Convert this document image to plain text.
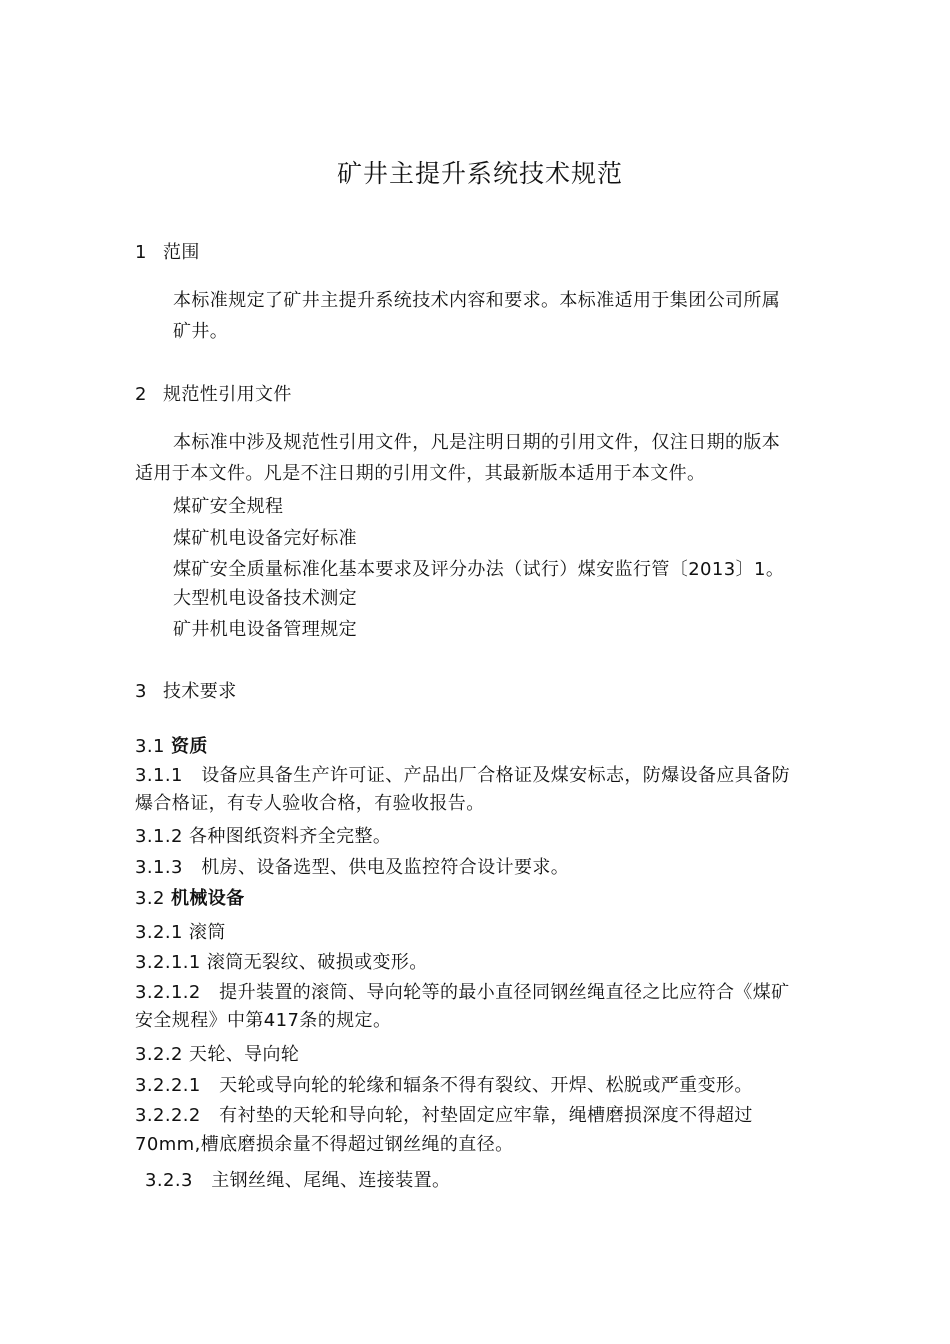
矿井主提升系统技术规范
1 范围
本标准规定了矿井主提升系统技术内容和要求。本标准适用于集团公司所属
矿井。
2 规范性引用文件
本标准中涉及规范性引用文件，凡是注明日期的引用文件，仅注日期的版本
适用于本文件。凡是不注日期的引用文件，其最新版本适用于本文件。
煤矿安全规程
煤矿机电设备完好标准
煤矿安全质量标准化基本要求及评分办法（试行）煤安监行管〔2013〕1。
大型机电设备技术测定
矿井机电设备管理规定
3 技术要求
3.1 资质
3.1.1　设备应具备生产许可证、产品出厂合格证及煤安标志，防爆设备应具备防
爆合格证，有专人验收合格，有验收报告。
3.1.2 各种图纸资料齐全完整。
3.1.3　机房、设备选型、供电及监控符合设计要求。
3.2 机械设备
3.2.1 滚筒
3.2.1.1 滚筒无裂纹、破损或变形。
3.2.1.2　提升装置的滚筒、导向轮等的最小直径同钢丝绳直径之比应符合《煤矿
安全规程》中第417条的规定。
3.2.2 天轮、导向轮
3.2.2.1　天轮或导向轮的轮缘和辐条不得有裂纹、开焊、松脱或严重变形。
3.2.2.2　有衬垫的天轮和导向轮，衬垫固定应牢靠，绳槽磨损深度不得超过
70mm,槽底磨损余量不得超过钢丝绳的直径。
3.2.3　主钢丝绳、尾绳、连接装置。
